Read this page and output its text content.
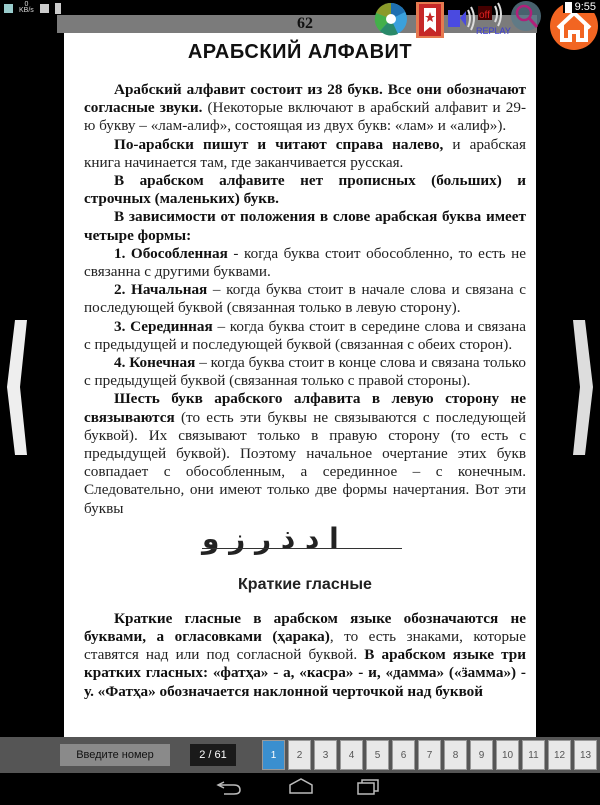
62
АРАБСКИЙ АЛФАВИТ

Арабский алфавит состоит из 28 букв. Все они обозначают согласные звуки. (Некоторые включают в арабский алфавит и 29-ю букву – «лам-алиф», состоящая из двух букв: «лам» и «алиф»).

По-арабски пишут и читают справа налево, и арабская книга начинается там, где заканчивается русская.

В арабском алфавите нет прописных (больших) и строчных (маленьких) букв.

В зависимости от положения в слове арабская буква имеет четыре формы:

1. Обособленная - когда буква стоит обособленно, то есть не связанна с другими буквами.

2. Начальная – когда буква стоит в начале слова и связана с последующей буквой (связанная только в левую сторону).

3. Серединная – когда буква стоит в середине слова и связана с предыдущей и последующей буквой (связанная с обеих сторон).

4. Конечная – когда буква стоит в конце слова и связана только с предыдущей буквой (связанная только с правой стороны).

Шесть букв арабского алфавита в левую сторону не связываются (то есть эти буквы не связываются с последующей буквой). Их связывают только в правую сторону (то есть с предыдущей буквой). Поэтому начальное очертание этих букв совпадает с обособленным, а серединное – с конечным. Следовательно, они имеют только две формы начертания. Вот эти буквы

ا د ذ ر ز و
Краткие гласные

Краткие гласные в арабском языке обозначаются не буквами, а огласовками (ҳарака), то есть знаками, которые ставятся над или под согласной буквой. В арабском языке три кратких гласных: «фатҳа» - а, «касра» - и, «дамма» («ӟамма») - у. «Фатҳа» обозначается наклонной черточкой над буквой

off
REPLAY
0
KB/s	9:55
1	2	3	4	5	6	7	8	9	10	11	12	13
Введите номер	2 / 61
